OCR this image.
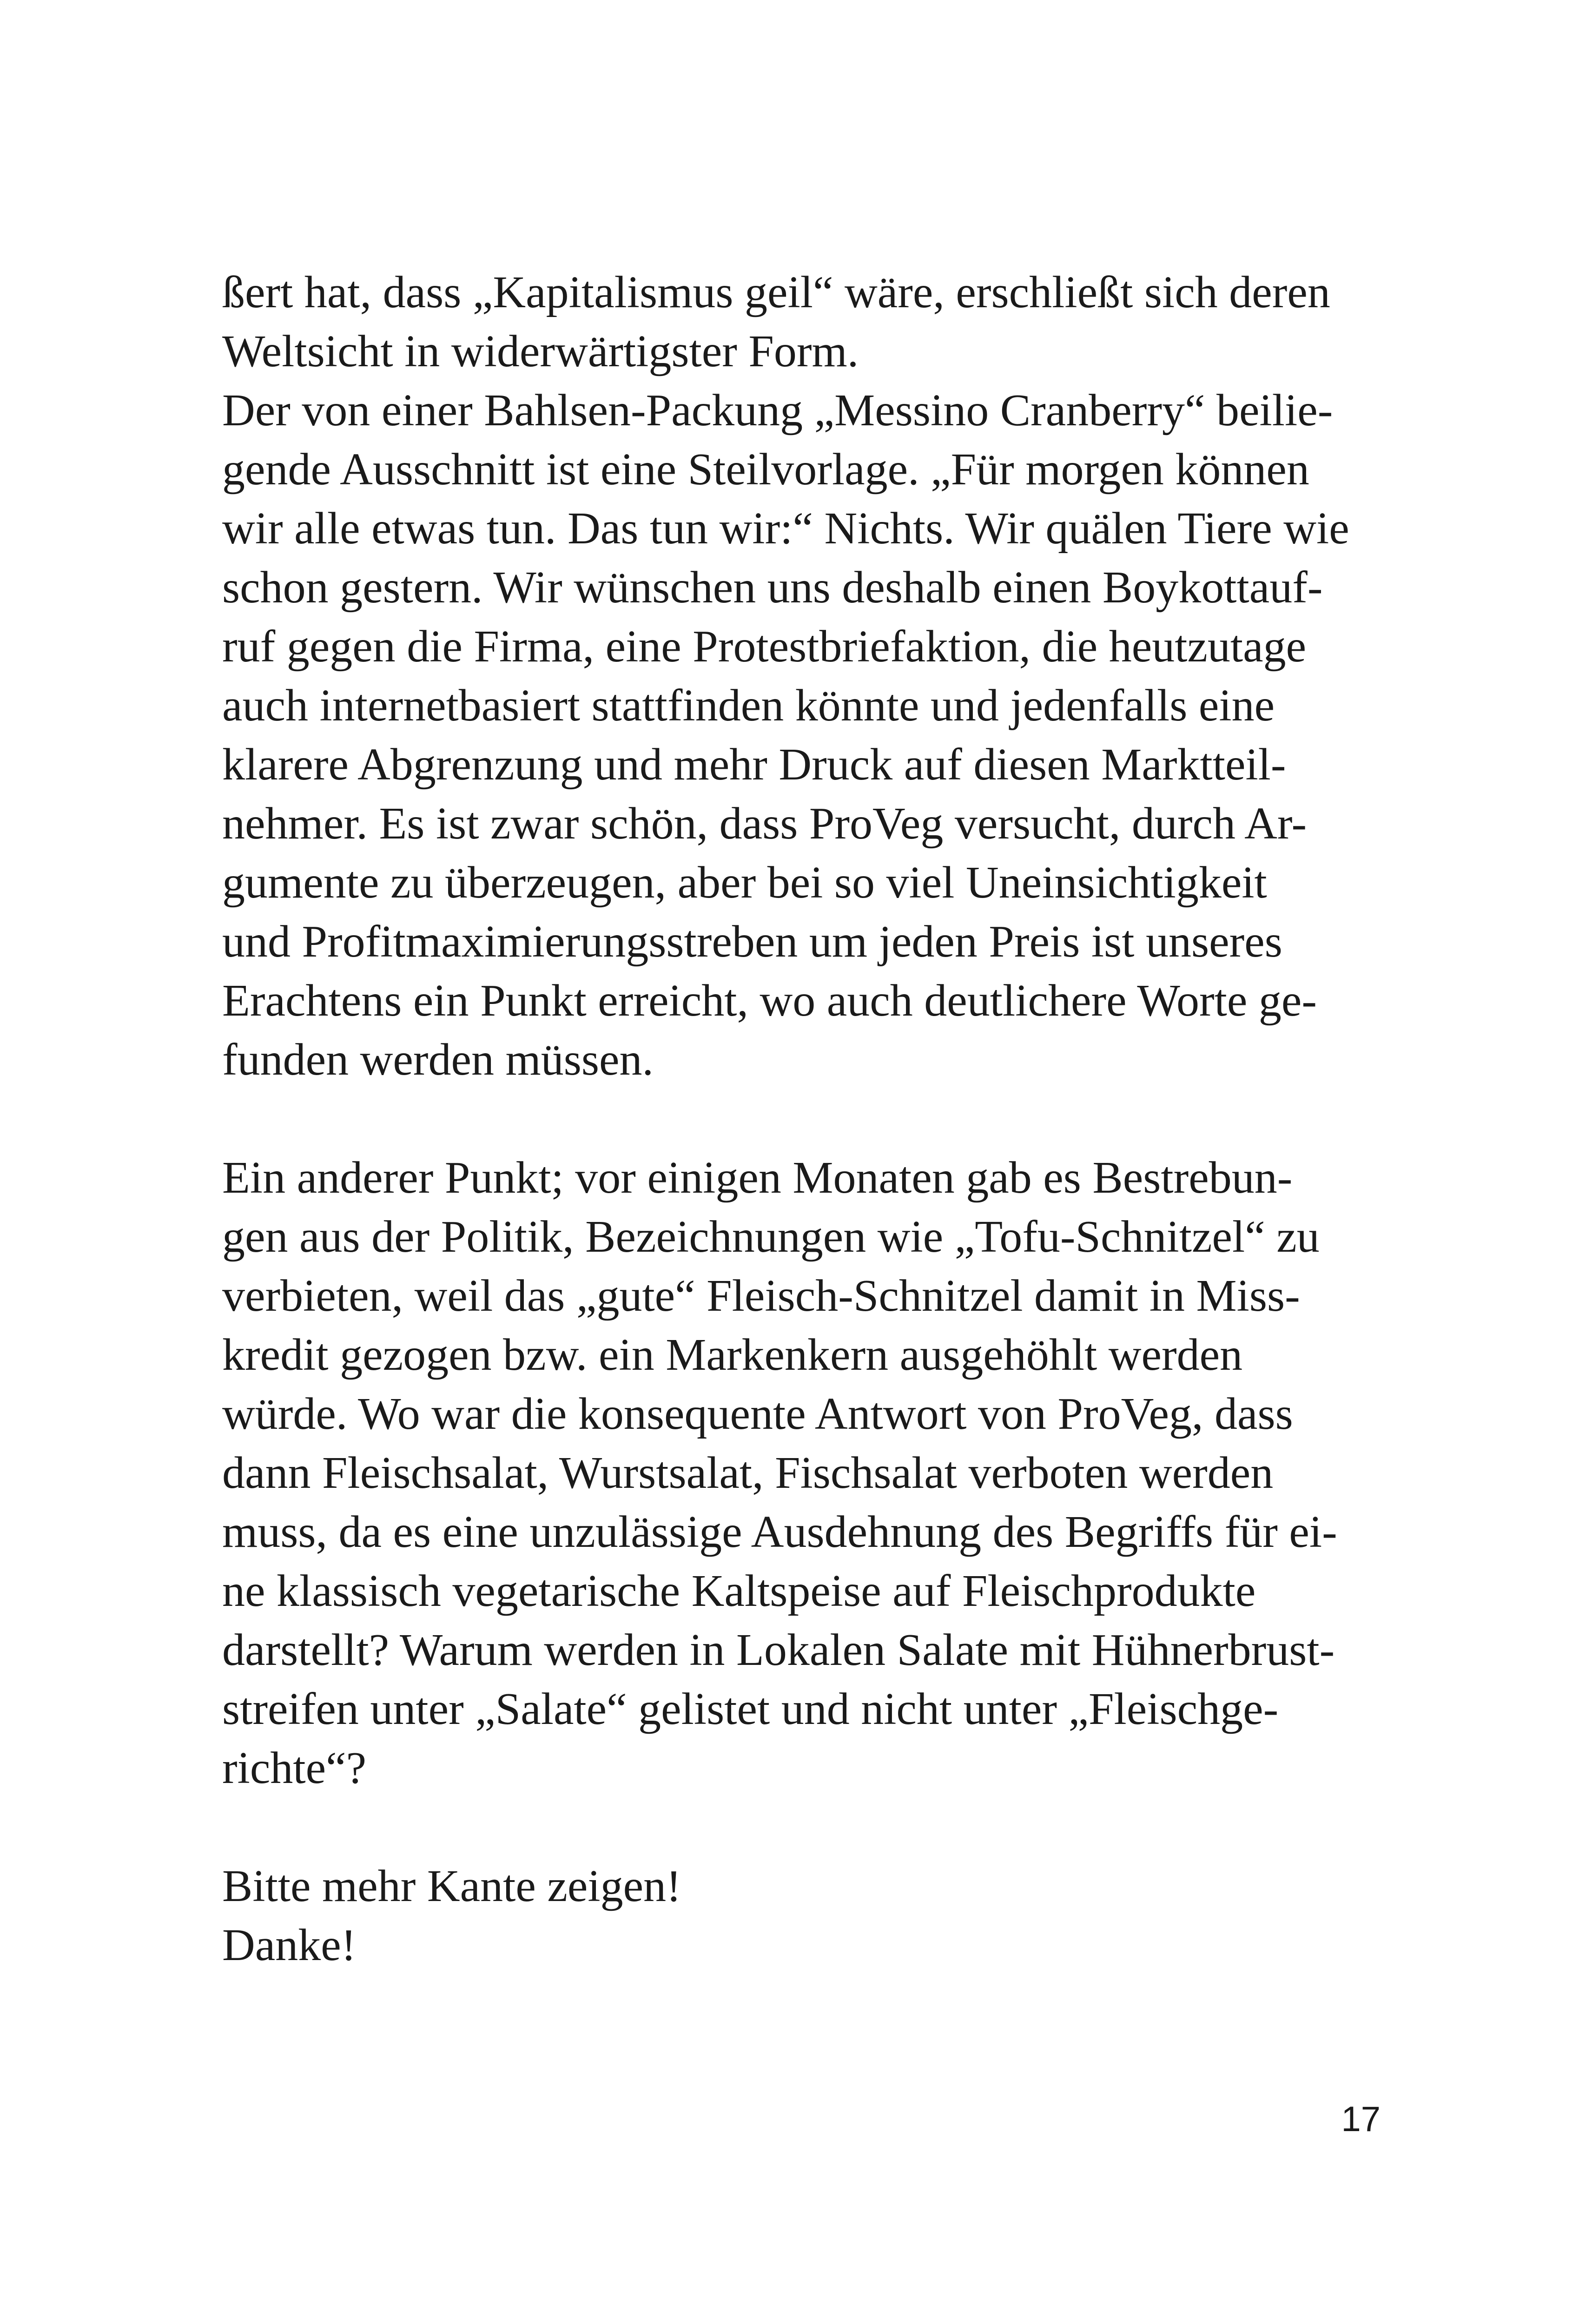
ßert hat, dass „Kapitalismus geil“ wäre, erschließt sich deren
Weltsicht in widerwärtigster Form.

Der von einer Bahlsen-Packung „Messino Cranberry“ beilie-
gende Ausschnitt ist eine Steilvorlage. „Für morgen können
wir alle etwas tun. Das tun wir:“ Nichts. Wir quälen Tiere wie
schon gestern. Wir wünschen uns deshalb einen Boykottauf-
ruf gegen die Firma, eine Protestbriefaktion, die heutzutage
auch internetbasiert stattfinden könnte und jedenfalls eine
klarere Abgrenzung und mehr Druck auf diesen Marktteil-
nehmer. Es ist zwar schön, dass ProVeg versucht, durch Ar-
gumente zu überzeugen, aber bei so viel Uneinsichtigkeit
und Profitmaximierungsstreben um jeden Preis ist unseres
Erachtens ein Punkt erreicht, wo auch deutlichere Worte ge-
funden werden müssen.

Ein anderer Punkt; vor einigen Monaten gab es Bestrebun-
gen aus der Politik, Bezeichnungen wie „Tofu-Schnitzel“ zu
verbieten, weil das „gute“ Fleisch-Schnitzel damit in Miss-
kredit gezogen bzw. ein Markenkern ausgehöhlt werden
würde. Wo war die konsequente Antwort von ProVeg, dass
dann Fleischsalat, Wurstsalat, Fischsalat verboten werden
muss, da es eine unzulässige Ausdehnung des Begriffs für ei-
ne klassisch vegetarische Kaltspeise auf Fleischprodukte
darstellt? Warum werden in Lokalen Salate mit Hühnerbrust-
streifen unter „Salate“ gelistet und nicht unter „Fleischge-
richte“?

Bitte mehr Kante zeigen!
Danke!

17
